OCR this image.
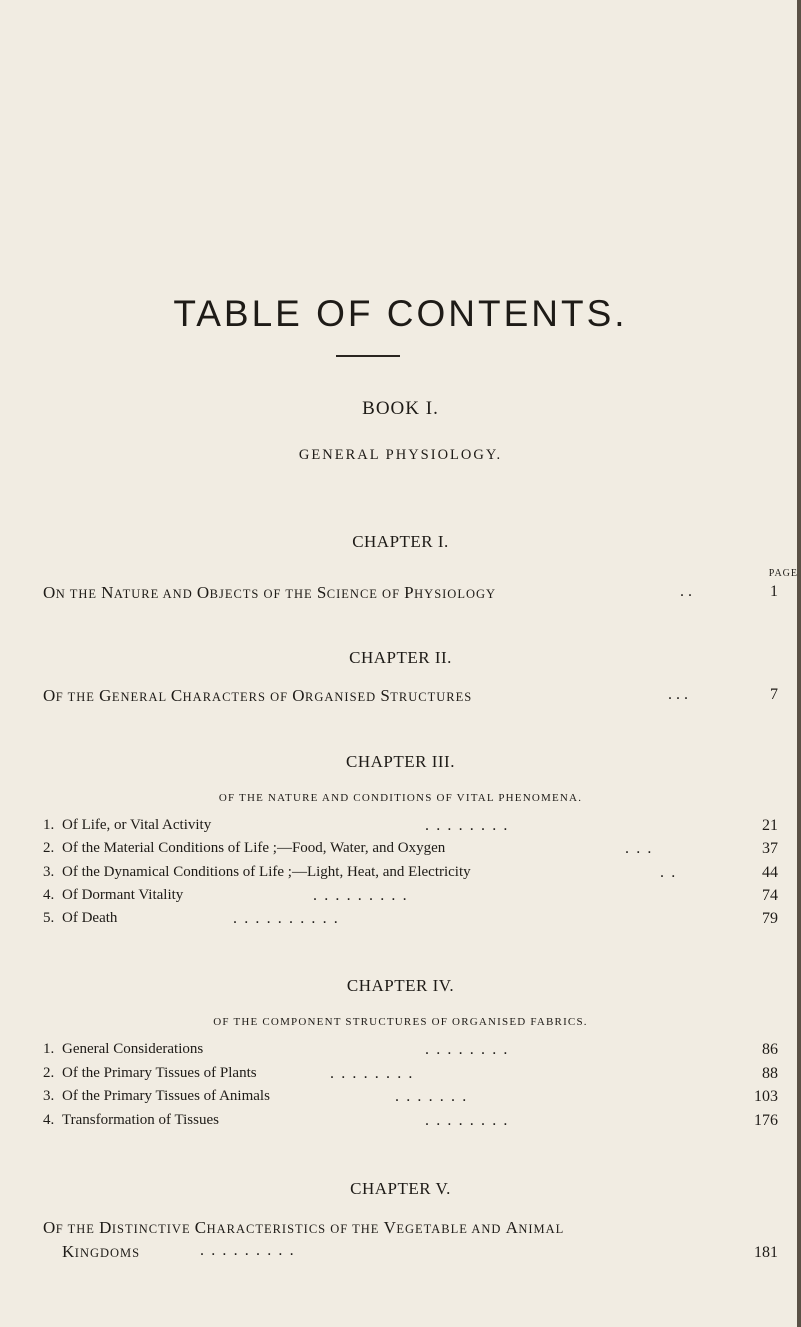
TABLE OF CONTENTS.
BOOK I.
GENERAL PHYSIOLOGY.
CHAPTER I.
PAGE
ON THE NATURE AND OBJECTS OF THE SCIENCE OF PHYSIOLOGY	. .	1
CHAPTER II.
OF THE GENERAL CHARACTERS OF ORGANISED STRUCTURES	. . .	7
CHAPTER III.
OF THE NATURE AND CONDITIONS OF VITAL PHENOMENA.
1. Of Life, or Vital Activity	. . . . . . . .	21
2. Of the Material Conditions of Life ;—Food, Water, and Oxygen	. . .	37
3. Of the Dynamical Conditions of Life ;—Light, Heat, and Electricity	. .	44
4. Of Dormant Vitality	. . . . . . . . .	74
5. Of Death	. . . . . . . . . .	79
CHAPTER IV.
OF THE COMPONENT STRUCTURES OF ORGANISED FABRICS.
1. General Considerations	. . . . . . . .	86
2. Of the Primary Tissues of Plants	. . . . . . . .	88
3. Of the Primary Tissues of Animals	. . . . . . .	103
4. Transformation of Tissues	. . . . . . . .	176
CHAPTER V.
OF THE DISTINCTIVE CHARACTERISTICS OF THE VEGETABLE AND ANIMAL
KINGDOMS	. . . . . . . . .	181
